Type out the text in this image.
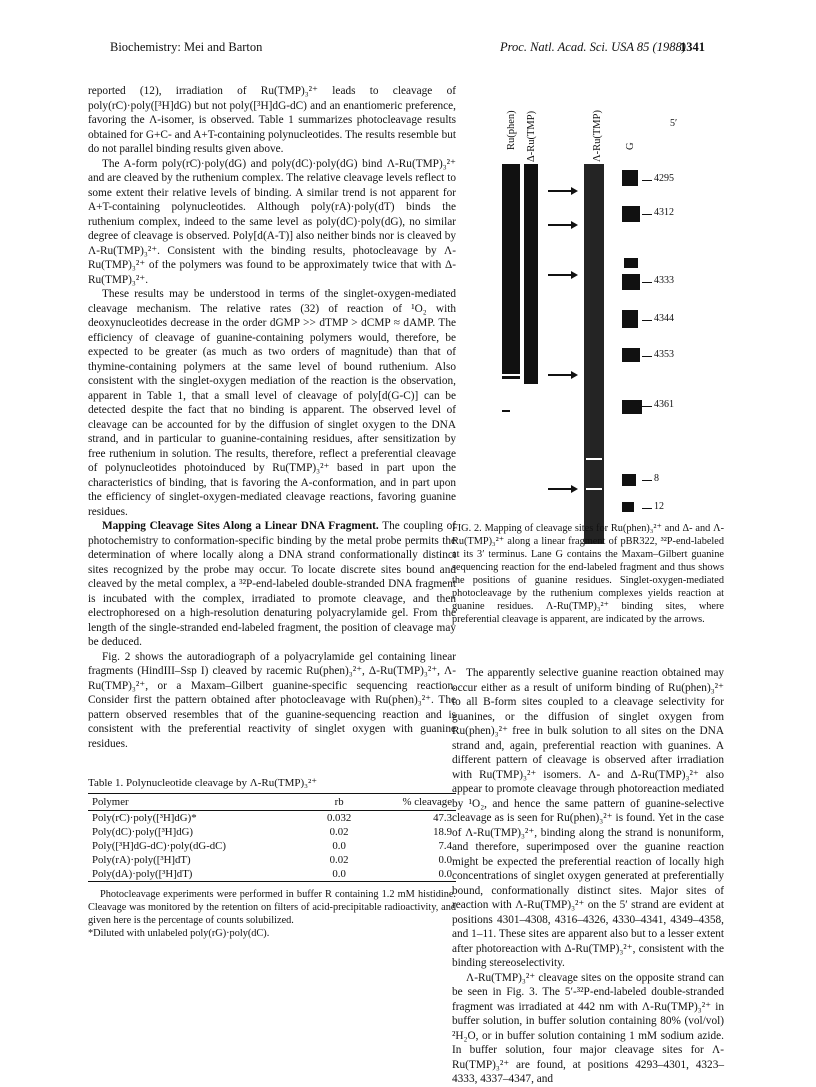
Biochemistry: Mei and Barton	Proc. Natl. Acad. Sci. USA 85 (1988)
1341

reported (12), irradiation of Ru(TMP)₃²⁺ leads to cleavage of poly(rC)·poly([³H]dG) but not poly([³H]dG-dC) and an enantiomeric preference, favoring the Λ-isomer, is observed. Table 1 summarizes photocleavage results obtained for G+C- and A+T-containing polynucleotides. The results resemble but do not parallel binding results given above.

The A-form poly(rC)·poly(dG) and poly(dC)·poly(dG) bind Λ-Ru(TMP)₃²⁺ and are cleaved by the ruthenium complex. The relative cleavage levels reflect to some extent their relative levels of binding. A similar trend is not apparent for A+T-containing polynucleotides. Although poly(rA)·poly(dT) binds the ruthenium complex, indeed to the same level as poly(dC)·poly(dG), no similar degree of cleavage is observed. Poly[d(A-T)] also neither binds nor is cleaved by Λ-Ru(TMP)₃²⁺. Consistent with the binding results, photocleavage by Λ-Ru(TMP)₃²⁺ of the polymers was found to be approximately twice that with Δ-Ru(TMP)₃²⁺.

These results may be understood in terms of the singlet-oxygen-mediated cleavage mechanism. The relative rates (32) of reaction of ¹O₂ with deoxynucleotides decrease in the order dGMP >> dTMP > dCMP ≈ dAMP. The efficiency of cleavage of guanine-containing polymers would, therefore, be expected to be greater (as much as two orders of magnitude) than that of thymine-containing polymers at the same level of bound ruthenium. Also consistent with the singlet-oxygen mediation of the reaction is the observation, apparent in Table 1, that a small level of cleavage of poly[d(G-C)] can be detected despite the fact that no binding is apparent. The observed level of cleavage can be accounted for by the diffusion of singlet oxygen to the DNA strand, and in particular to guanine-containing residues, after sensitization by free ruthenium in solution. The results, therefore, reflect a preferential cleavage of polynucleotides photoinduced by Ru(TMP)₃²⁺ based in part upon the characteristics of binding, that is favoring the A-conformation, and in part upon the efficiency of singlet-oxygen-mediated cleavage reactions, favoring guanine residues.

Mapping Cleavage Sites Along a Linear DNA Fragment. The coupling of photochemistry to conformation-specific binding by the metal probe permits the determination of where locally along a DNA strand conformationally distinct sites recognized by the probe may occur. To locate discrete sites bound and cleaved by the metal complex, a ³²P-end-labeled double-stranded DNA fragment is incubated with the complex, irradiated to promote cleavage, and then electrophoresed on a high-resolution denaturing polyacrylamide gel. From the length of the single-stranded end-labeled fragment, the position of cleavage may be deduced.

Fig. 2 shows the autoradiograph of a polyacrylamide gel containing linear fragments (HindIII–Ssp I) cleaved by racemic Ru(phen)₃²⁺, Δ-Ru(TMP)₃²⁺, Λ-Ru(TMP)₃²⁺, or a Maxam–Gilbert guanine-specific sequencing reaction. Consider first the pattern obtained after photocleavage with Ru(phen)₃²⁺. The pattern observed resembles that of the guanine-sequencing reaction and is consistent with the preferential reactivity of singlet oxygen with guanine residues.

Table 1. Polynucleotide cleavage by Λ-Ru(TMP)₃²⁺
Polymer	rb	% cleavage
Poly(rC)·poly([³H]dG)*	0.032	47.3
Poly(dC)·poly([³H]dG)	0.02	18.9
Poly([³H]dG-dC)·poly(dG-dC)	0.0	7.4
Poly(rA)·poly([³H]dT)	0.02	0.0
Poly(dA)·poly([³H]dT)	0.0	0.0

Photocleavage experiments were performed in buffer R containing 1.2 mM histidine. Cleavage was monitored by the retention on filters of acid-precipitable radioactivity, and given here is the percentage of counts solubilized.

*Diluted with unlabeled poly(rG)·poly(dC).
Ru(phen) Δ-Ru(TMP)	Λ-Ru(TMP) G
5′
4295
4312
4333
4344
4353
4361
8
12
FIG. 2. Mapping of cleavage sites for Ru(phen)₃²⁺ and Δ- and Λ-Ru(TMP)₃²⁺ along a linear fragment of pBR322, ³²P-end-labeled at its 3′ terminus. Lane G contains the Maxam–Gilbert guanine sequencing reaction for the end-labeled fragment and thus shows the positions of guanine residues. Singlet-oxygen-mediated photocleavage by the ruthenium complexes yields reaction at guanine residues. Λ-Ru(TMP)₃²⁺ binding sites, where preferential cleavage is apparent, are indicated by the arrows.

The apparently selective guanine reaction obtained may occur either as a result of uniform binding of Ru(phen)₃²⁺ to all B-form sites coupled to a cleavage selectivity for guanines, or the diffusion of singlet oxygen from Ru(phen)₃²⁺ free in bulk solution to all sites on the DNA strand and, again, preferential reaction with guanines. A different pattern of cleavage is observed after irradiation with Ru(TMP)₃²⁺ isomers. Λ- and Δ-Ru(TMP)₃²⁺ also appear to promote cleavage through photoreaction mediated by ¹O₂, and hence the same pattern of guanine-selective cleavage as is seen for Ru(phen)₃²⁺ is found. Yet in the case of Λ-Ru(TMP)₃²⁺, binding along the strand is nonuniform, and therefore, superimposed over the guanine reaction might be expected the preferential reaction of locally high concentrations of singlet oxygen generated at preferentially bound, conformationally distinct sites. Major sites of reaction with Λ-Ru(TMP)₃²⁺ on the 5′ strand are evident at positions 4301–4308, 4316–4326, 4330–4341, 4349–4358, and 1–11. These sites are apparent also but to a lesser extent after photoreaction with Δ-Ru(TMP)₃²⁺, consistent with the binding stereoselectivity.

Λ-Ru(TMP)₃²⁺ cleavage sites on the opposite strand can be seen in Fig. 3. The 5′-³²P-end-labeled double-stranded fragment was irradiated at 442 nm with Λ-Ru(TMP)₃²⁺ in buffer solution, in buffer solution containing 80% (vol/vol) ²H₂O, or in buffer solution containing 1 mM sodium azide. In buffer solution, four major cleavage sites for Λ-Ru(TMP)₃²⁺ are found, at positions 4293–4301, 4323–4333, 4337–4347, and
